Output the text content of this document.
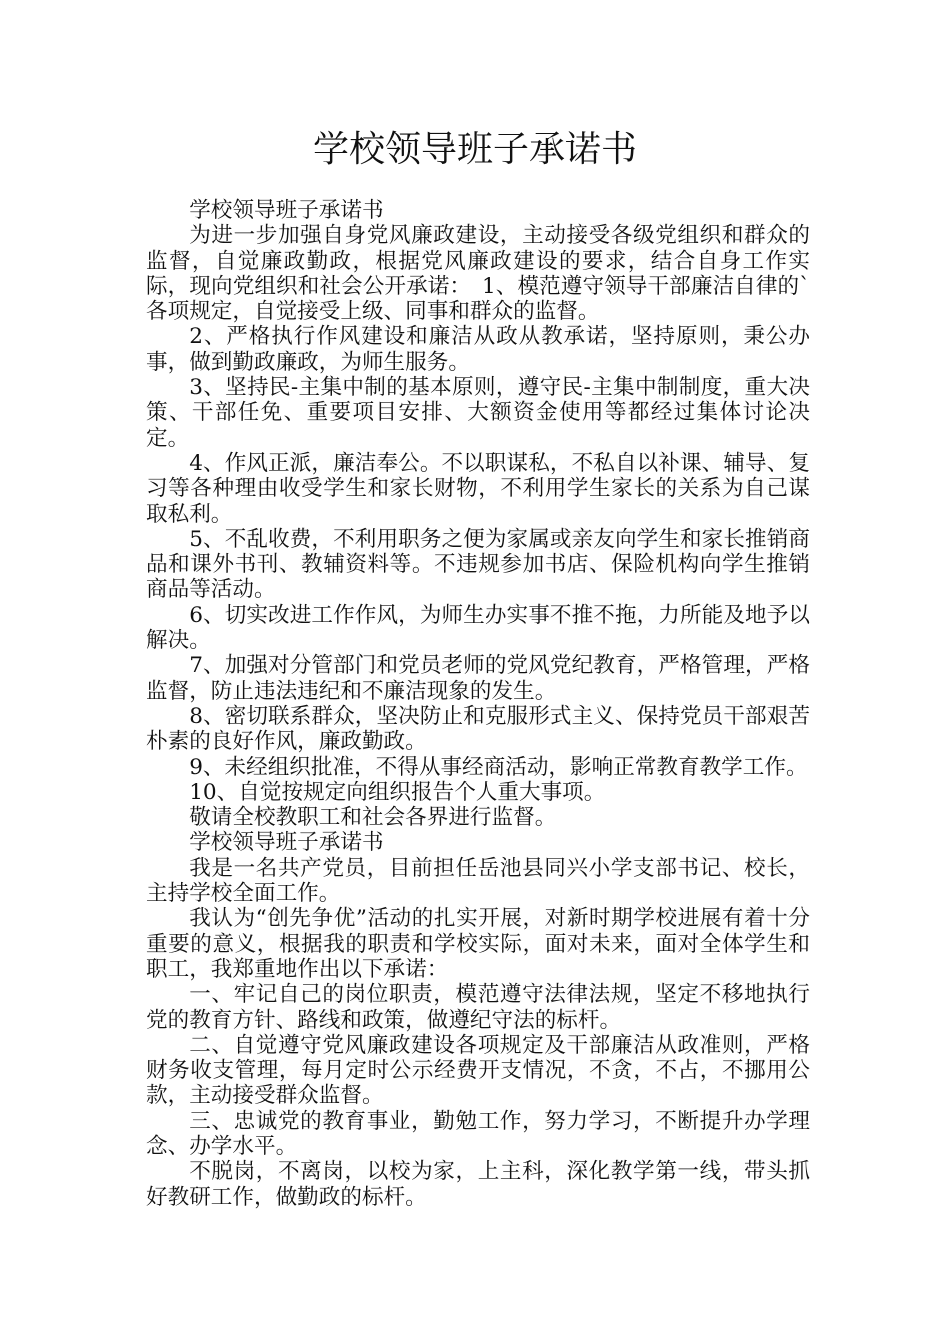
学校领导班子承诺书

学校领导班子承诺书

为进一步加强自身党风廉政建设，主动接受各级党组织和群众的监督，自觉廉政勤政，根据党风廉政建设的要求，结合自身工作实际，现向党组织和社会公开承诺：　1、模范遵守领导干部廉洁自律的`各项规定，自觉接受上级、同事和群众的监督。

2、严格执行作风建设和廉洁从政从教承诺，坚持原则，秉公办事，做到勤政廉政，为师生服务。

3、坚持民-主集中制的基本原则，遵守民-主集中制制度，重大决策、干部任免、重要项目安排、大额资金使用等都经过集体讨论决定。

4、作风正派，廉洁奉公。不以职谋私，不私自以补课、辅导、复习等各种理由收受学生和家长财物，不利用学生家长的关系为自己谋取私利。

5、不乱收费，不利用职务之便为家属或亲友向学生和家长推销商品和课外书刊、教辅资料等。不违规参加书店、保险机构向学生推销商品等活动。

6、切实改进工作作风，为师生办实事不推不拖，力所能及地予以解决。

7、加强对分管部门和党员老师的党风党纪教育，严格管理，严格监督，防止违法违纪和不廉洁现象的发生。

8、密切联系群众，坚决防止和克服形式主义、保持党员干部艰苦朴素的良好作风，廉政勤政。

9、未经组织批准，不得从事经商活动，影响正常教育教学工作。

10、自觉按规定向组织报告个人重大事项。

敬请全校教职工和社会各界进行监督。

学校领导班子承诺书

我是一名共产党员，目前担任岳池县同兴小学支部书记、校长，主持学校全面工作。

我认为“创先争优”活动的扎实开展，对新时期学校进展有着十分重要的意义，根据我的职责和学校实际，面对未来，面对全体学生和职工，我郑重地作出以下承诺：

一、牢记自己的岗位职责，模范遵守法律法规，坚定不移地执行党的教育方针、路线和政策，做遵纪守法的标杆。

二、自觉遵守党风廉政建设各项规定及干部廉洁从政准则，严格财务收支管理，每月定时公示经费开支情况，不贪，不占，不挪用公款，主动接受群众监督。

三、忠诚党的教育事业，勤勉工作，努力学习，不断提升办学理念、办学水平。

不脱岗，不离岗，以校为家，上主科，深化教学第一线，带头抓好教研工作，做勤政的标杆。
